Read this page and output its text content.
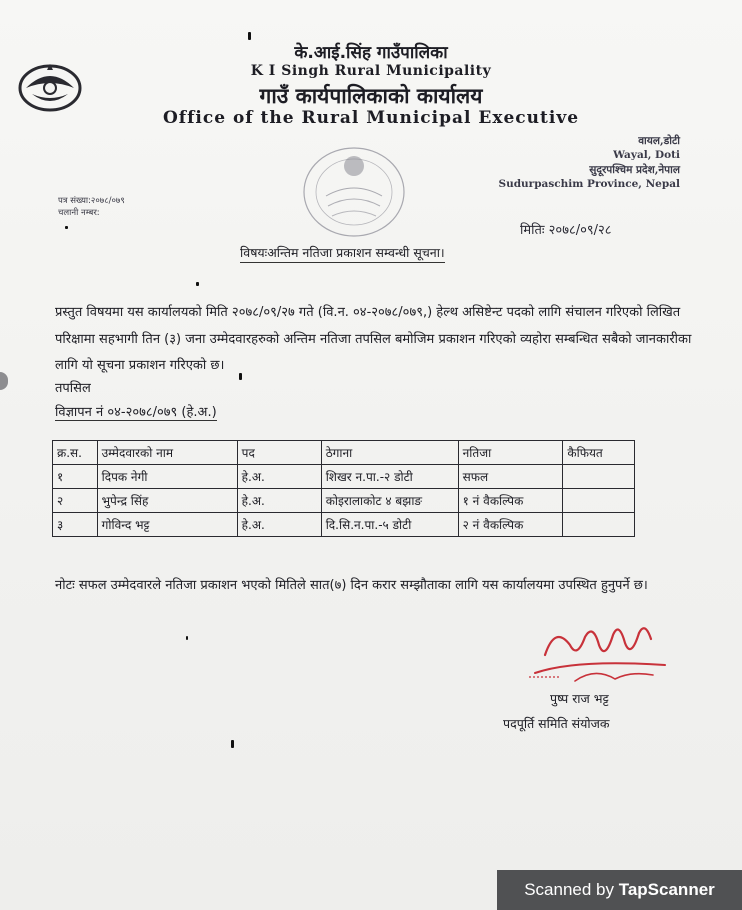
के.आई.सिंह गाउँपालिका
K I Singh Rural Municipality
गाउँ कार्यपालिकाको कार्यालय
Office of the Rural Municipal Executive
वायल,डोटी
Wayal, Doti
सुदूरपश्चिम प्रदेश,नेपाल
Sudurpaschim Province, Nepal
पत्र संख्या:२०७८/०७९
चलानी नम्बर:
मितिः २०७८/०९/२८
विषयःअन्तिम नतिजा प्रकाशन सम्वन्धी सूचना।
प्रस्तुत विषयमा यस कार्यालयको मिति २०७८/०९/२७ गते (वि.न. ०४-२०७८/०७९,) हेल्थ असिष्टेन्ट पदको लागि संचालन गरिएको लिखित परिक्षामा सहभागी तिन (३) जना उम्मेदवारहरुको अन्तिम नतिजा तपसिल बमोजिम प्रकाशन गरिएको व्यहोरा सम्बन्धित सबैको जानकारीका लागि यो सूचना प्रकाशन गरिएको छ।
तपसिल
विज्ञापन नं ०४-२०७८/०७९ (हे.अ.)
क्र.स.	उम्मेदवारको नाम	पद	ठेगाना	नतिजा	कैफियत
१	दिपक नेगी	हे.अ.	शिखर न.पा.-२ डोटी	सफल	
२	भुपेन्द्र सिंह	हे.अ.	कोइरालाकोट ४ बझाङ	१ नं वैकल्पिक	
३	गोविन्द भट्ट	हे.अ.	दि.सि.न.पा.-५ डोटी	२ नं वैकल्पिक	
नोटः सफल उम्मेदवारले नतिजा प्रकाशन भएको मितिले सात(७) दिन करार सम्झौताका लागि यस कार्यालयमा उपस्थित हुनुपर्ने छ।
पुष्प राज भट्ट
पदपूर्ति समिति संयोजक
Scanned by TapScanner
